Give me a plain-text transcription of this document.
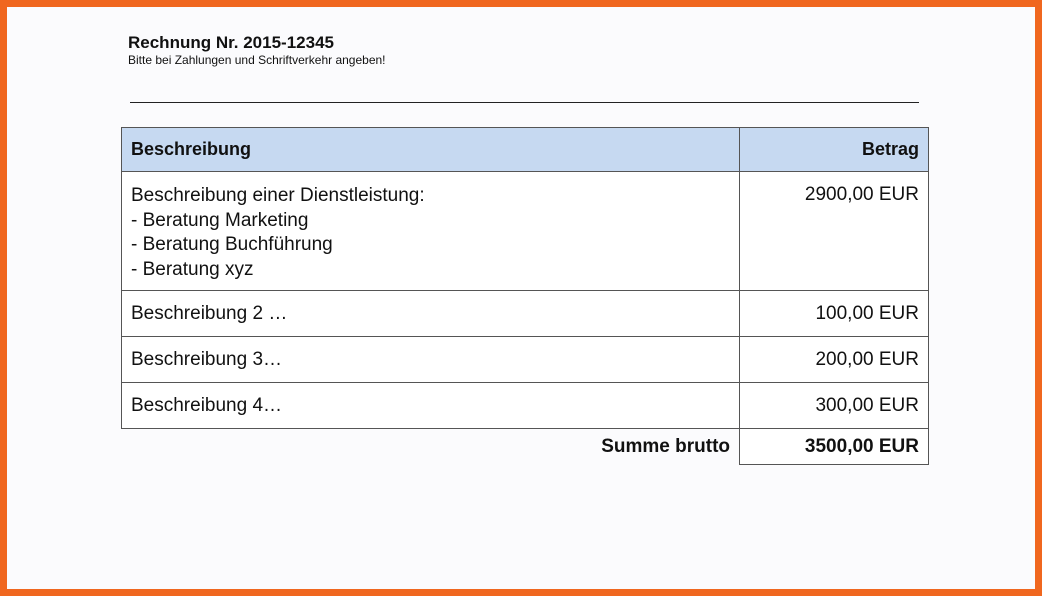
Rechnung Nr. 2015-12345
Bitte bei Zahlungen und Schriftverkehr angeben!
Beschreibung	Betrag

Beschreibung einer Dienstleistung:
- Beratung Marketing
- Beratung Buchführung
- Beratung xyz	2900,00 EUR
Beschreibung 2 …	100,00 EUR
Beschreibung 3…	200,00 EUR
Beschreibung 4…	300,00 EUR
Summe brutto	3500,00 EUR
